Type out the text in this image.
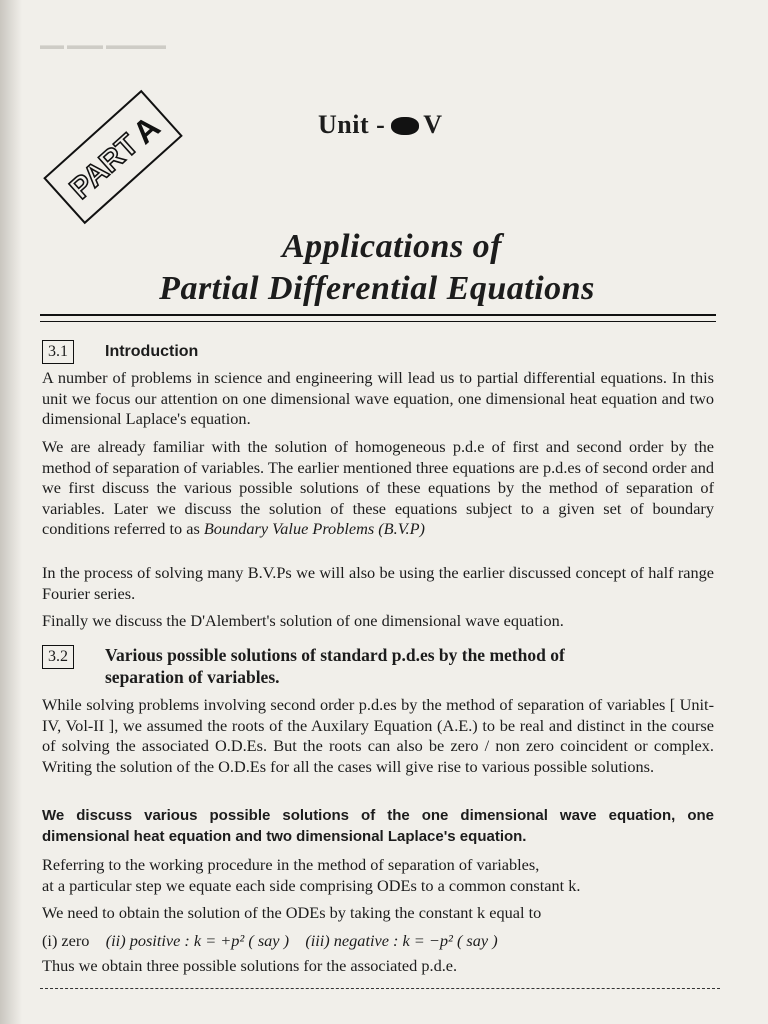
▬▬ ▬▬▬ ▬▬▬▬▬
PART
A	Unit - V
Applications of
Partial Differential Equations
3.1	Introduction
A number of problems in science and engineering will lead us to partial differential equations. In this unit we focus our attention on one dimensional wave equation, one dimensional heat equation and two dimensional Laplace's equation.
We are already familiar with the solution of homogeneous p.d.e of first and second order by the method of separation of variables. The earlier mentioned three equations are p.d.es of second order and we first discuss the various possible solutions of these equations by the method of separation of variables. Later we discuss the solution of these equations subject to a given set of boundary conditions referred to as Boundary Value Problems (B.V.P)
In the process of solving many B.V.Ps we will also be using the earlier discussed concept of half range Fourier series.
Finally we discuss the D'Alembert's solution of one dimensional wave equation.
3.2	Various possible solutions of standard p.d.es by the method of
separation of variables.
While solving problems involving second order p.d.es by the method of separation of variables [ Unit-IV, Vol-II ], we assumed the roots of the Auxilary Equation (A.E.) to be real and distinct in the course of solving the associated O.D.Es. But the roots can also be zero / non zero coincident or complex. Writing the solution of the O.D.Es for all the cases will give rise to various possible solutions.
We discuss various possible solutions of the one dimensional wave equation, one dimensional heat equation and two dimensional Laplace's equation.
Referring to the working procedure in the method of separation of variables,
at a particular step we equate each side comprising ODEs to a common constant k.
We need to obtain the solution of the ODEs by taking the constant k equal to
(i) zero (ii) positive : k = +p² ( say ) (iii) negative : k = −p² ( say )
Thus we obtain three possible solutions for the associated p.d.e.
